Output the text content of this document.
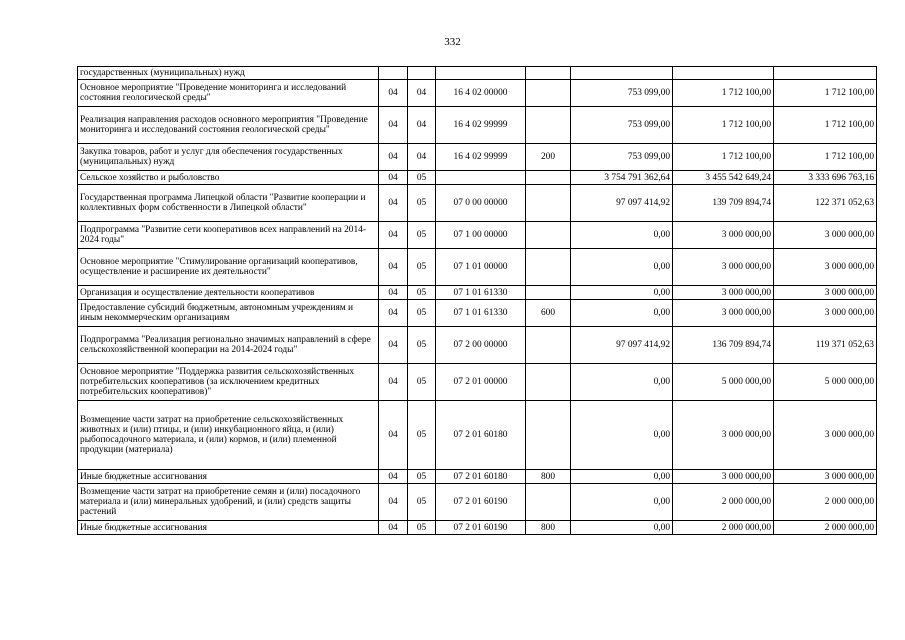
332
государственных (муниципальных) нужд							
Основное мероприятие "Проведение мониторинга и исследований состояния геологической среды"	04	04	16 4 02 00000		753 099,00	1 712 100,00	1 712 100,00
Реализация направления расходов основного мероприятия "Проведение мониторинга и исследований состояния геологической среды"	04	04	16 4 02 99999		753 099,00	1 712 100,00	1 712 100,00
Закупка товаров, работ и услуг для обеспечения государственных (муниципальных) нужд	04	04	16 4 02 99999	200	753 099,00	1 712 100,00	1 712 100,00
Сельское хозяйство и рыболовство	04	05			3 754 791 362,64	3 455 542 649,24	3 333 696 763,16
Государственная программа Липецкой области "Развитие кооперации и коллективных форм собственности в Липецкой области"	04	05	07 0 00 00000		97 097 414,92	139 709 894,74	122 371 052,63
Подпрограмма "Развитие сети кооперативов всех направлений на 2014-2024 годы"	04	05	07 1 00 00000		0,00	3 000 000,00	3 000 000,00
Основное мероприятие "Стимулирование организаций кооперативов, осуществление и расширение их деятельности"	04	05	07 1 01 00000		0,00	3 000 000,00	3 000 000,00
Организация и осуществление деятельности кооперативов	04	05	07 1 01 61330		0,00	3 000 000,00	3 000 000,00
Предоставление субсидий бюджетным, автономным учреждениям и иным некоммерческим организациям	04	05	07 1 01 61330	600	0,00	3 000 000,00	3 000 000,00
Подпрограмма "Реализация регионально значимых направлений в сфере сельскохозяйственной кооперации на 2014-2024 годы"	04	05	07 2 00 00000		97 097 414,92	136 709 894,74	119 371 052,63
Основное мероприятие "Поддержка развития сельскохозяйственных потребительских кооперативов (за исключением кредитных потребительских кооперативов)"	04	05	07 2 01 00000		0,00	5 000 000,00	5 000 000,00
Возмещение части затрат на приобретение сельскохозяйственных животных и (или) птицы, и (или) инкубационного яйца, и (или) рыбопосадочного материала, и (или) кормов, и (или) племенной продукции (материала)	04	05	07 2 01 60180		0,00	3 000 000,00	3 000 000,00
Иные бюджетные ассигнования	04	05	07 2 01 60180	800	0,00	3 000 000,00	3 000 000,00
Возмещение части затрат на приобретение семян и (или) посадочного материала и (или) минеральных удобрений, и (или) средств защиты растений	04	05	07 2 01 60190		0,00	2 000 000,00	2 000 000,00
Иные бюджетные ассигнования	04	05	07 2 01 60190	800	0,00	2 000 000,00	2 000 000,00
